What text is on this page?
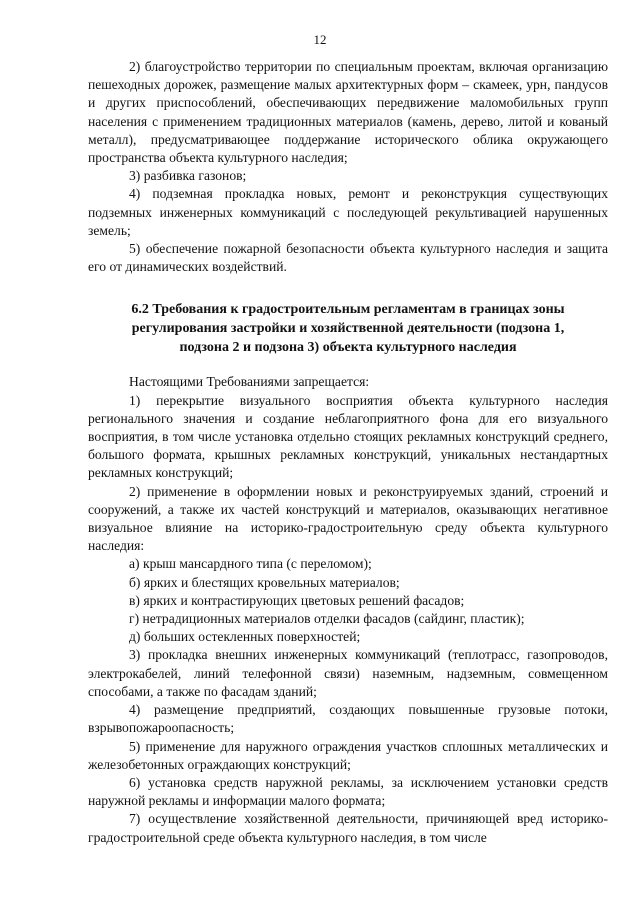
12

2) благоустройство территории по специальным проектам, включая организацию пешеходных дорожек, размещение малых архитектурных форм – скамеек, урн, пандусов и других приспособлений, обеспечивающих передвижение маломобильных групп населения с применением традиционных материалов (камень, дерево, литой и кованый металл), предусматривающее поддержание исторического облика окружающего пространства объекта культурного наследия;

3) разбивка газонов;

4) подземная прокладка новых, ремонт и реконструкция существующих подземных инженерных коммуникаций с последующей рекультивацией нарушенных земель;

5) обеспечение пожарной безопасности объекта культурного наследия и защита его от динамических воздействий.

6.2 Требования к градостроительным регламентам в границах зоны
регулирования застройки и хозяйственной деятельности (подзона 1,
подзона 2 и подзона 3) объекта культурного наследия

Настоящими Требованиями запрещается:

1) перекрытие визуального восприятия объекта культурного наследия регионального значения и создание неблагоприятного фона для его визуального восприятия, в том числе установка отдельно стоящих рекламных конструкций среднего, большого формата, крышных рекламных конструкций, уникальных нестандартных рекламных конструкций;

2) применение в оформлении новых и реконструируемых зданий, строений и сооружений, а также их частей конструкций и материалов, оказывающих негативное визуальное влияние на историко-градостроительную среду объекта культурного наследия:

а) крыш мансардного типа (с переломом);

б) ярких и блестящих кровельных материалов;

в) ярких и контрастирующих цветовых решений фасадов;

г) нетрадиционных материалов отделки фасадов (сайдинг, пластик);

д) больших остекленных поверхностей;

3) прокладка внешних инженерных коммуникаций (теплотрасс, газопроводов, электрокабелей, линий телефонной связи) наземным, надземным, совмещенном способами, а также по фасадам зданий;

4) размещение предприятий, создающих повышенные грузовые потоки, взрывопожароопасность;

5) применение для наружного ограждения участков сплошных металлических и железобетонных ограждающих конструкций;

6) установка средств наружной рекламы, за исключением установки средств наружной рекламы и информации малого формата;

7) осуществление хозяйственной деятельности, причиняющей вред историко-градостроительной среде объекта культурного наследия, в том числе
